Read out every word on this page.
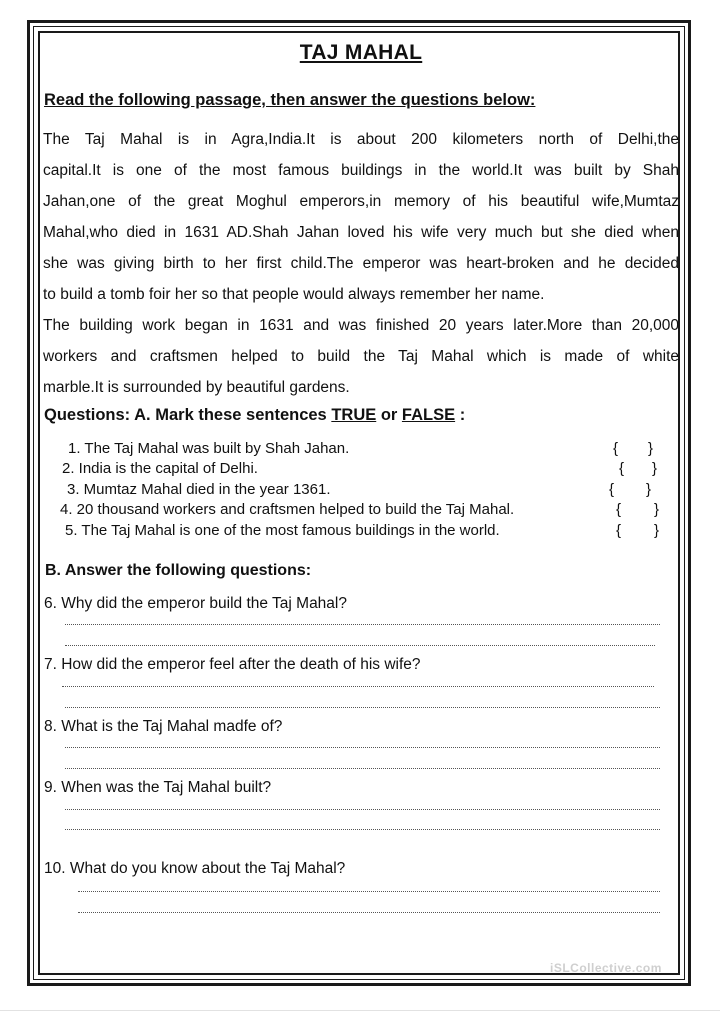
TAJ MAHAL
Read the following passage, then answer the questions below:
The Taj Mahal is in Agra,India.It is about 200 kilometers north of Delhi,the
capital.It is one of the most famous buildings in the world.It was built by Shah
Jahan,one of the great Moghul emperors,in memory of his beautiful wife,Mumtaz
Mahal,who died in 1631 AD.Shah Jahan loved his wife very much but she died when
she was giving birth to her first child.The emperor was heart-broken and he decided
to build a tomb foir her so that people would always remember her name.
The building work began in 1631 and was finished 20 years later.More than 20,000
workers and craftsmen helped to build the Taj Mahal which is made of white
marble.It is surrounded by beautiful gardens.
Questions: A. Mark these sentences TRUE or FALSE :
1. The Taj Mahal was built by Shah Jahan.
2. India is the capital of Delhi.
3. Mumtaz Mahal died in the year 1361.
4. 20 thousand workers and craftsmen helped to build the Taj Mahal.
5. The Taj Mahal is one of the most famous buildings in the world.
{ }
{ }
{ }
{ }
{ }
B. Answer the following questions:
6. Why did the emperor build the Taj Mahal?
7. How did the emperor feel after the death of his wife?
8. What is the Taj Mahal madfe of?
9. When was the Taj Mahal built?
10. What do you know about the Taj Mahal?
iSLCollective.com
